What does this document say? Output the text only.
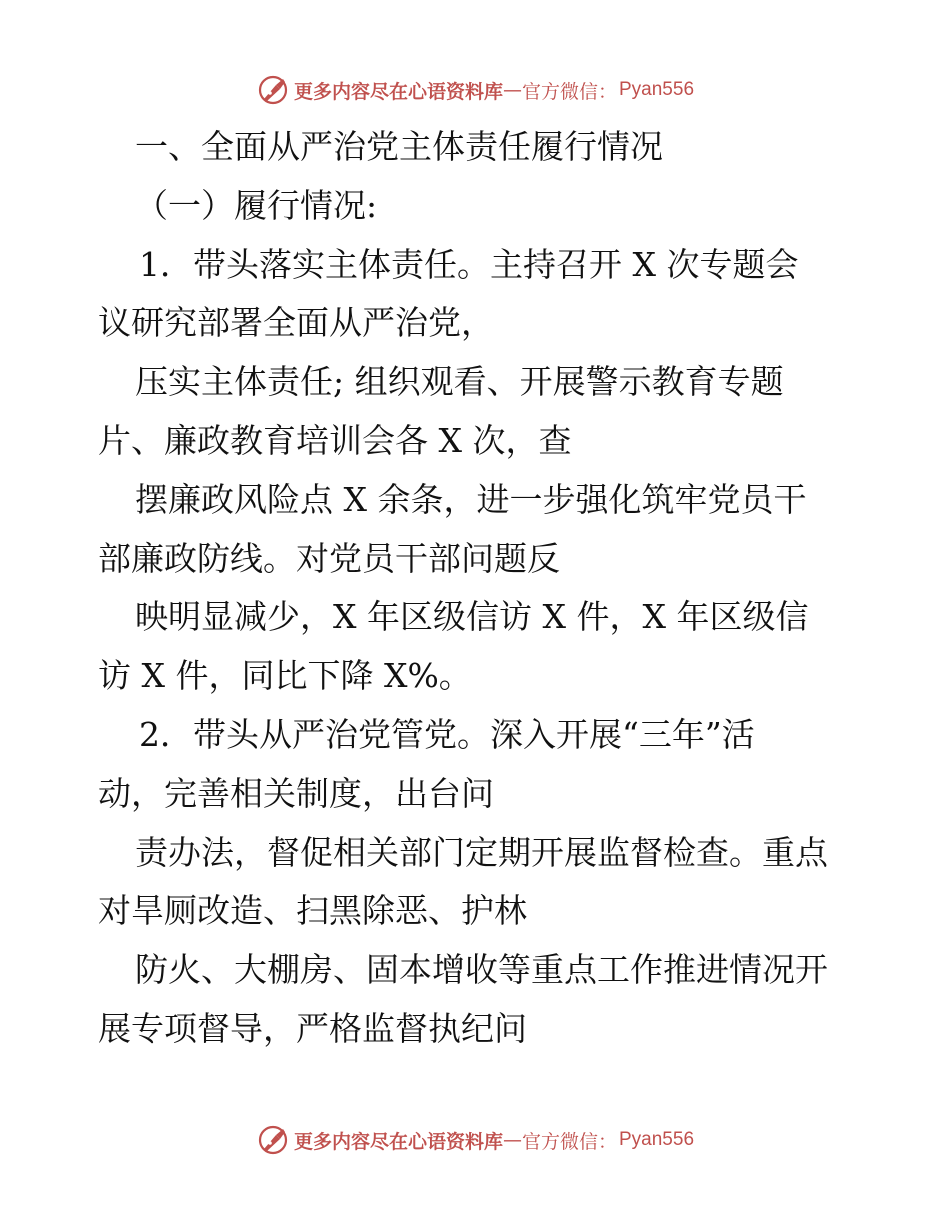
更多内容尽在心语资料库 — 官方微信： Pyan556
一、全面从严治党主体责任履行情况
（一）履行情况:
1．带头落实主体责任。主持召开 X 次专题会
议研究部署全面从严治党，
压实主体责任; 组织观看、开展警示教育专题
片、廉政教育培训会各 X 次，查
摆廉政风险点 X 余条，进一步强化筑牢党员干
部廉政防线。对党员干部问题反
映明显减少，X 年区级信访 X 件，X 年区级信
访 X 件，同比下降 X%。
2．带头从严治党管党。深入开展“三年”活
动，完善相关制度，出台问
责办法，督促相关部门定期开展监督检查。重点
对旱厕改造、扫黑除恶、护林
防火、大棚房、固本增收等重点工作推进情况开
展专项督导，严格监督执纪问
更多内容尽在心语资料库 — 官方微信： Pyan556
